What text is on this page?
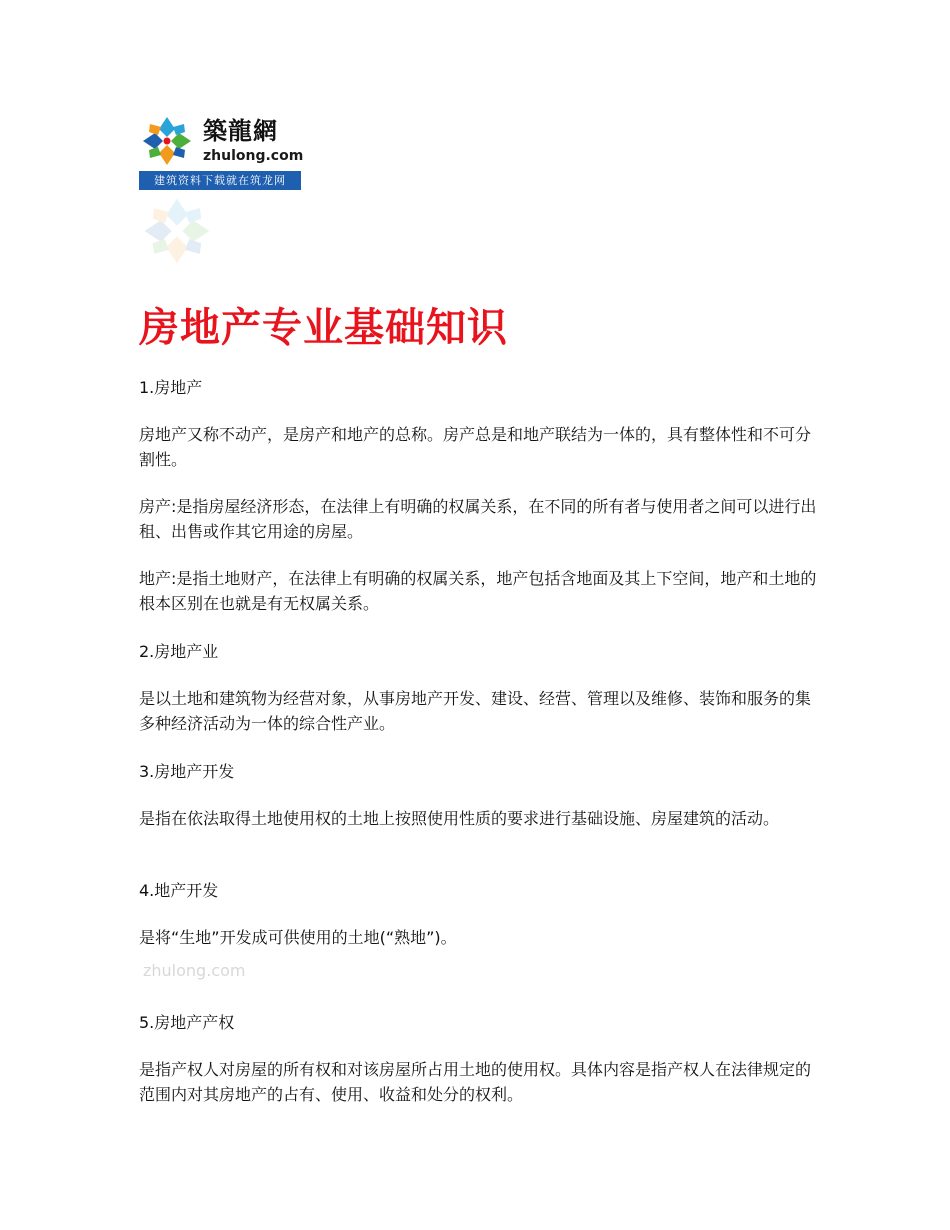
築龍網
zhulong.com
建筑资料下载就在筑龙网
房地产专业基础知识
1.房地产
房地产又称不动产，是房产和地产的总称。房产总是和地产联结为一体的，具有整体性和不可分割性。
房产:是指房屋经济形态，在法律上有明确的权属关系，在不同的所有者与使用者之间可以进行出租、出售或作其它用途的房屋。
地产:是指土地财产，在法律上有明确的权属关系，地产包括含地面及其上下空间，地产和土地的根本区别在也就是有无权属关系。
2.房地产业
是以土地和建筑物为经营对象，从事房地产开发、建设、经营、管理以及维修、装饰和服务的集多种经济活动为一体的综合性产业。
3.房地产开发
是指在依法取得土地使用权的土地上按照使用性质的要求进行基础设施、房屋建筑的活动。
4.地产开发
是将“生地”开发成可供使用的土地(“熟地”)。
zhulong.com
5.房地产产权
是指产权人对房屋的所有权和对该房屋所占用土地的使用权。具体内容是指产权人在法律规定的范围内对其房地产的占有、使用、收益和处分的权利。
